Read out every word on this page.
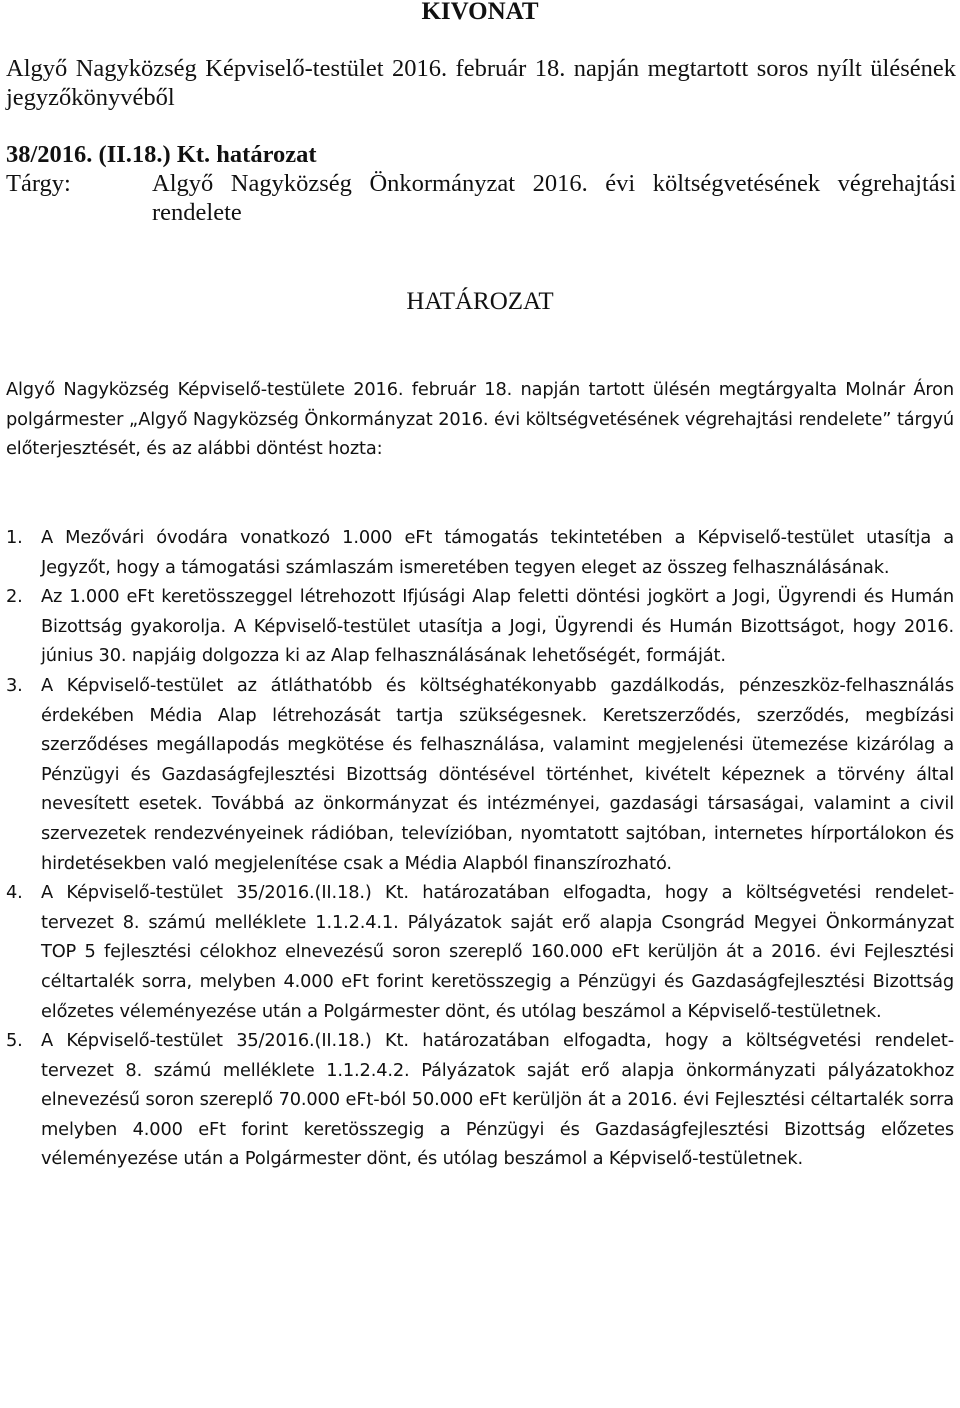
KIVONAT
Algyő Nagyközség Képviselő-testület 2016. február 18. napján megtartott soros nyílt ülésének jegyzőkönyvéből
38/2016. (II.18.) Kt. határozat
Tárgy:	Algyő Nagyközség Önkormányzat 2016. évi költségvetésének végrehajtási rendelete
HATÁROZAT
Algyő Nagyközség Képviselő-testülete 2016. február 18. napján tartott ülésén megtárgyalta Molnár Áron polgármester „Algyő Nagyközség Önkormányzat 2016. évi költségvetésének végrehajtási rendelete” tárgyú előterjesztését, és az alábbi döntést hozta:
1.	A Mezővári óvodára vonatkozó 1.000 eFt támogatás tekintetében a Képviselő-testület utasítja a Jegyzőt, hogy a támogatási számlaszám ismeretében tegyen eleget az összeg felhasználásának.
2.	Az 1.000 eFt keretösszeggel létrehozott Ifjúsági Alap feletti döntési jogkört a Jogi, Ügyrendi és Humán Bizottság gyakorolja. A Képviselő-testület utasítja a Jogi, Ügyrendi és Humán Bizottságot, hogy 2016. június 30. napjáig dolgozza ki az Alap felhasználásának lehetőségét, formáját.
3.	A Képviselő-testület az átláthatóbb és költséghatékonyabb gazdálkodás, pénzeszköz-felhasználás érdekében Média Alap létrehozását tartja szükségesnek. Keretszerződés, szerződés, megbízási szerződéses megállapodás megkötése és felhasználása, valamint megjelenési ütemezése kizárólag a Pénzügyi és Gazdaságfejlesztési Bizottság döntésével történhet, kivételt képeznek a törvény által nevesített esetek. Továbbá az önkormányzat és intézményei, gazdasági társaságai, valamint a civil szervezetek rendezvényeinek rádióban, televízióban, nyomtatott sajtóban, internetes hírportálokon és hirdetésekben való megjelenítése csak a Média Alapból finanszírozható.
4.	A Képviselő-testület 35/2016.(II.18.) Kt. határozatában elfogadta, hogy a költségvetési rendelet-tervezet 8. számú melléklete 1.1.2.4.1. Pályázatok saját erő alapja Csongrád Megyei Önkormányzat TOP 5 fejlesztési célokhoz elnevezésű soron szereplő 160.000 eFt kerüljön át a 2016. évi Fejlesztési céltartalék sorra, melyben 4.000 eFt forint keretösszegig a Pénzügyi és Gazdaságfejlesztési Bizottság előzetes véleményezése után a Polgármester dönt, és utólag beszámol a Képviselő-testületnek.
5.	A Képviselő-testület 35/2016.(II.18.) Kt. határozatában elfogadta, hogy a költségvetési rendelet-tervezet 8. számú melléklete 1.1.2.4.2. Pályázatok saját erő alapja önkormányzati pályázatokhoz elnevezésű soron szereplő 70.000 eFt-ból 50.000 eFt kerüljön át a 2016. évi Fejlesztési céltartalék sorra melyben 4.000 eFt forint keretösszegig a Pénzügyi és Gazdaságfejlesztési Bizottság előzetes véleményezése után a Polgármester dönt, és utólag beszámol a Képviselő-testületnek.
